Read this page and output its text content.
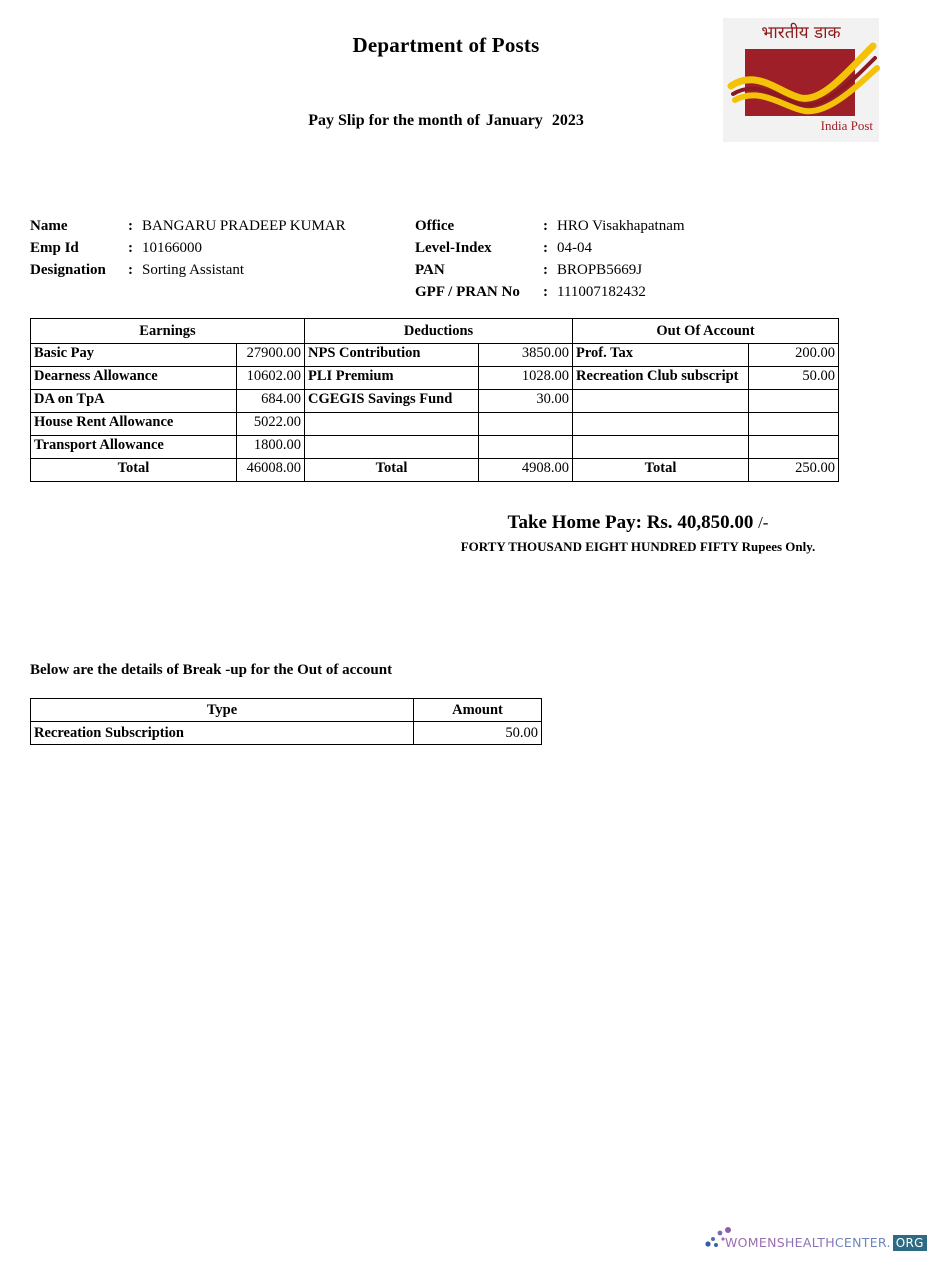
Department of Posts
Pay Slip for the month of January 2023
भारतीय डाक
India Post
Name	: BANGARU PRADEEP KUMAR
Emp Id	: 10166000
Designation	: Sorting Assistant
Office	: HRO Visakhapatnam
Level-Index	: 04-04
PAN	: BROPB5669J
GPF / PRAN No	: 111007182432
Earnings		Deductions		Out Of Account	
Basic Pay	27900.00	NPS Contribution	3850.00	Prof. Tax	200.00
Dearness Allowance	10602.00	PLI Premium	1028.00	Recreation Club subscript	50.00
DA on TpA	684.00	CGEGIS Savings Fund	30.00		
House Rent Allowance	5022.00				
Transport Allowance	1800.00				
Total	46008.00	Total	4908.00	Total	250.00
Take Home Pay: Rs. 40,850.00 /-
FORTY THOUSAND EIGHT HUNDRED FIFTY Rupees Only.
Below are the details of Break -up for the Out of account
Type	Amount
Recreation Subscription	50.00
WOMENSHEALTHCENTER. ORG
